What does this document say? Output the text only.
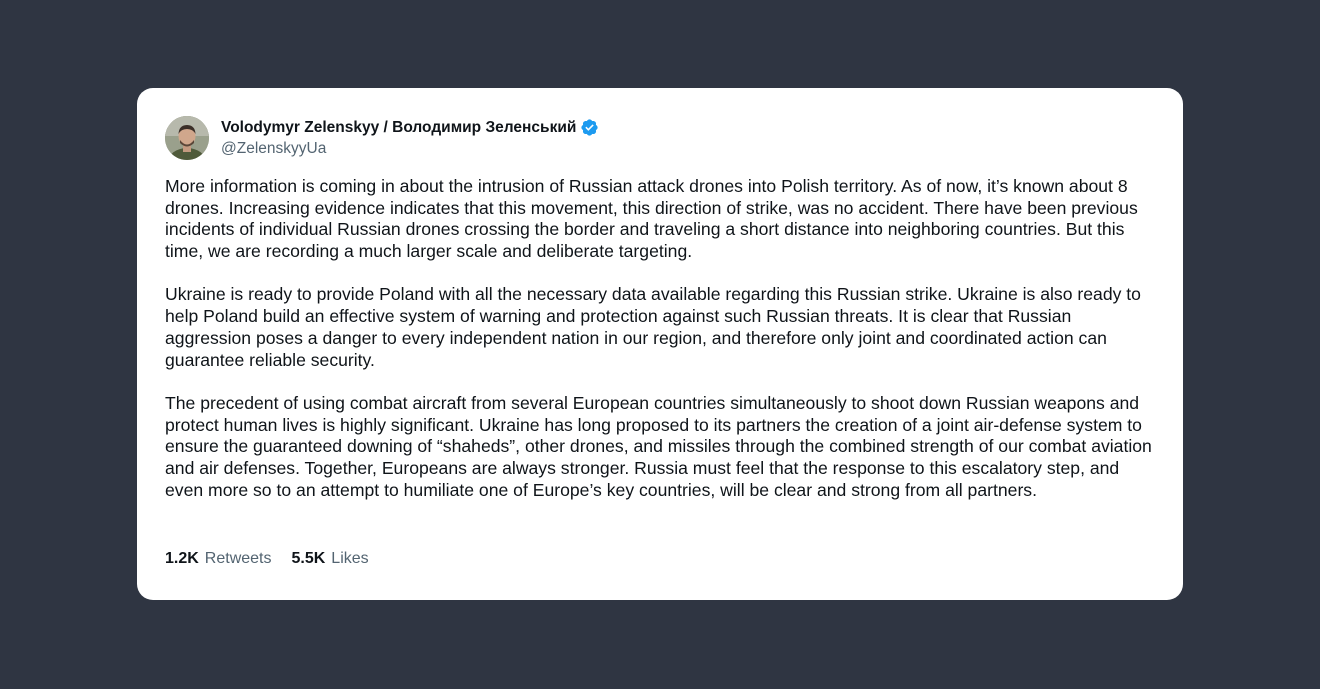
Volodymyr Zelenskyy / Володимир Зеленський
@ZelenskyyUa

More information is coming in about the intrusion of Russian attack drones into Polish territory. As of now, it’s known about 8 drones. Increasing evidence indicates that this movement, this direction of strike, was no accident. There have been previous incidents of individual Russian drones crossing the border and traveling a short distance into neighboring countries. But this time, we are recording a much larger scale and deliberate targeting.

Ukraine is ready to provide Poland with all the necessary data available regarding this Russian strike. Ukraine is also ready to help Poland build an effective system of warning and protection against such Russian threats. It is clear that Russian aggression poses a danger to every independent nation in our region, and therefore only joint and coordinated action can guarantee reliable security.

The precedent of using combat aircraft from several European countries simultaneously to shoot down Russian weapons and protect human lives is highly significant. Ukraine has long proposed to its partners the creation of a joint air-defense system to ensure the guaranteed downing of “shaheds”, other drones, and missiles through the combined strength of our combat aviation and air defenses. Together, Europeans are always stronger. Russia must feel that the response to this escalatory step, and even more so to an attempt to humiliate one of Europe’s key countries, will be clear and strong from all partners.

1.2K Retweets 5.5K Likes
